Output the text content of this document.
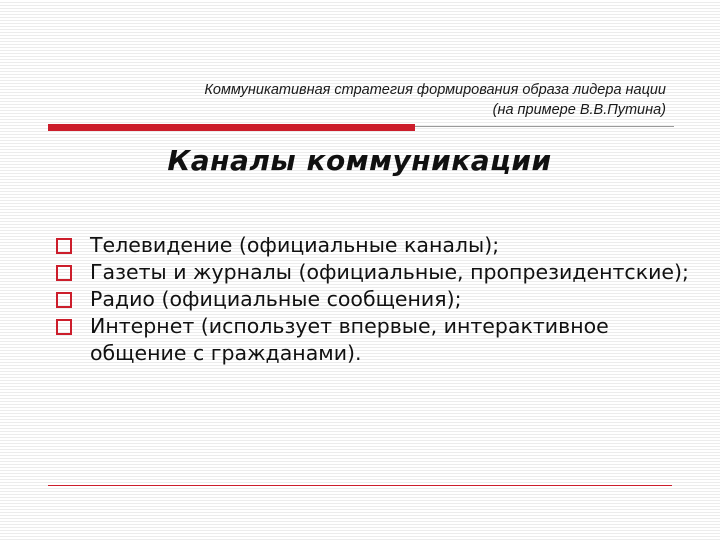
Коммуникативная стратегия формирования образа лидера нации
(на примере В.В.Путина)
Каналы коммуникации
Телевидение (официальные каналы);
Газеты и журналы (официальные, пропрезидентские);
Радио (официальные сообщения);
Интернет (использует впервые, интерактивное общение с гражданами).
